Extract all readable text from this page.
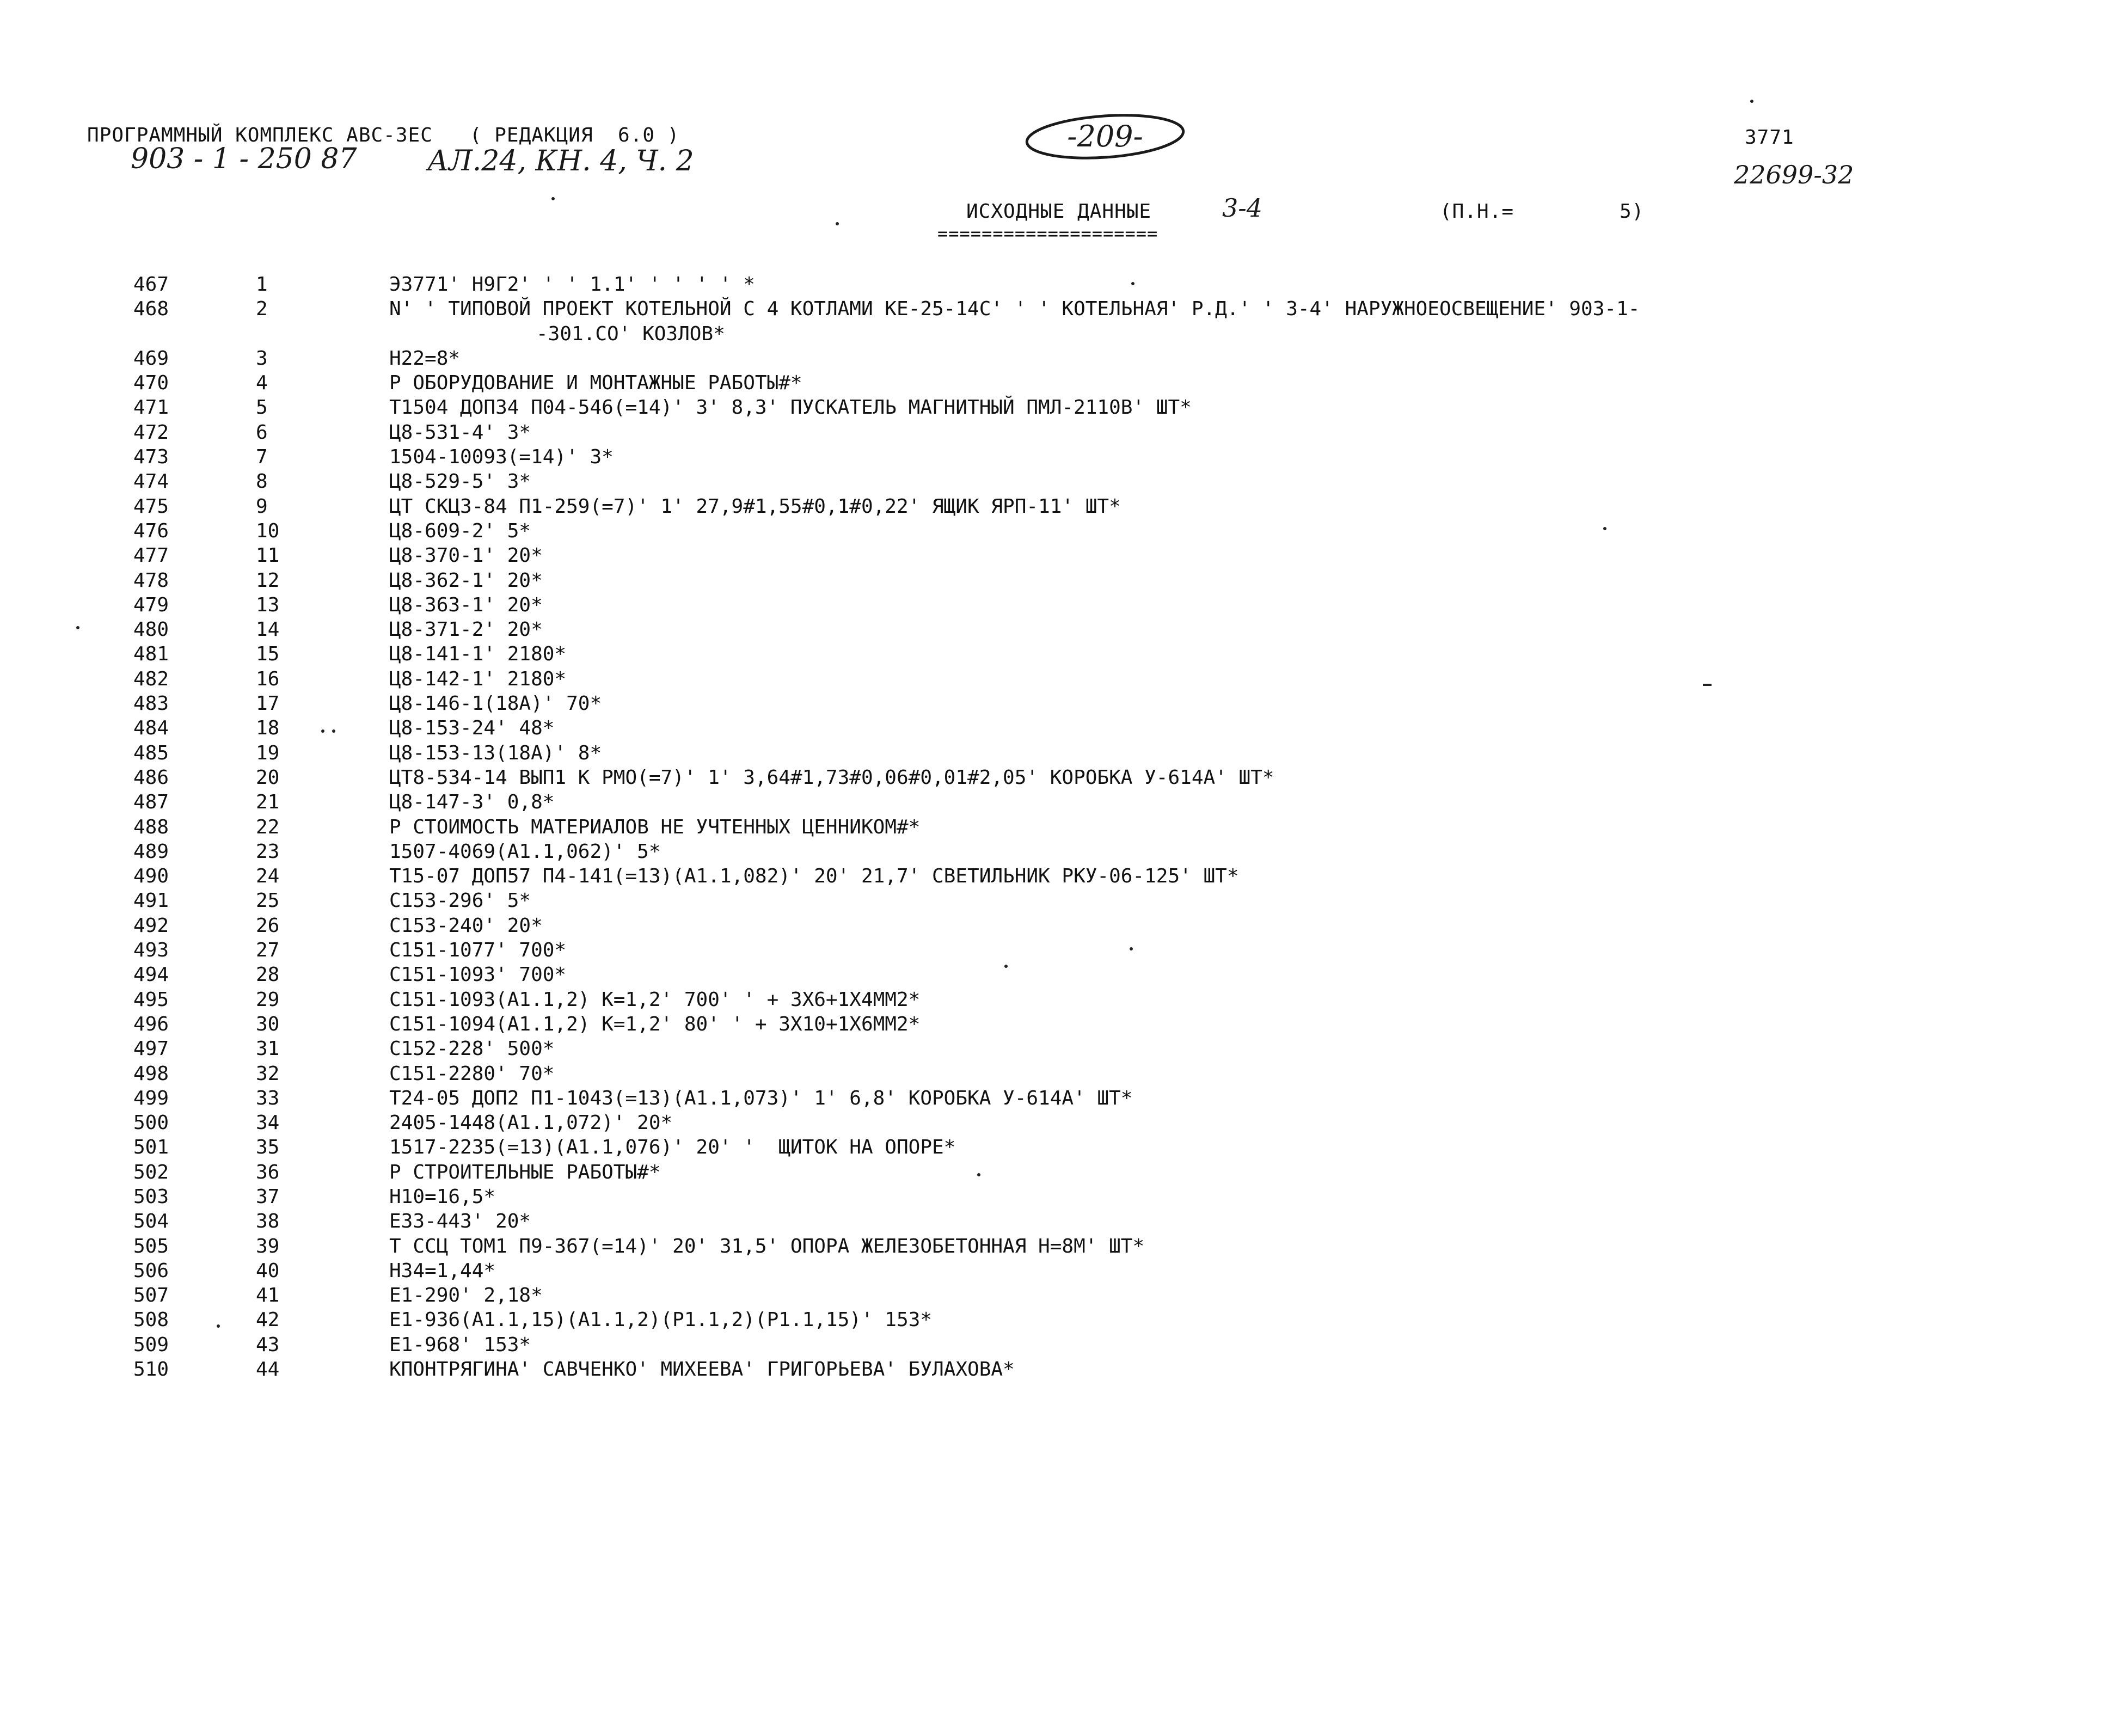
ПРОГРАММНЫЙ КОМПЛЕКС АВС-3ЕС   ( РЕДАКЦИЯ  6.0 )
903 - 1 - 250 87 АЛ.24, КН. 4, Ч. 2
-209-	3771
22699-32
ИСХОДНЫЕ ДАННЫЕ	3-4	(П.Н.=	5)
====================
467	1	Э3771' Н9Г2' ' ' 1.1' ' ' ' ' *
468	2	N' ' ТИПОВОЙ ПРОЕКТ КОТЕЛЬНОЙ С 4 КОТЛАМИ КЕ-25-14С' ' ' КОТЕЛЬНАЯ' Р.Д.' ' 3-4' НАРУЖНОЕОСВЕЩЕНИЕ' 903-1-
-301.СО' КОЗЛОВ*
469	3	Н22=8*
470	4	Р ОБОРУДОВАНИЕ И МОНТАЖНЫЕ РАБОТЫ#*
471	5	Т1504 ДОП34 П04-546(=14)' 3' 8,3' ПУСКАТЕЛЬ МАГНИТНЫЙ ПМЛ-2110В' ШТ*
472	6	Ц8-531-4' 3*
473	7	1504-10093(=14)' 3*
474	8	Ц8-529-5' 3*
475	9	ЦТ СКЦЗ-84 П1-259(=7)' 1' 27,9#1,55#0,1#0,22' ЯЩИК ЯРП-11' ШТ*
476	10	Ц8-609-2' 5*
477	11	Ц8-370-1' 20*
478	12	Ц8-362-1' 20*
479	13	Ц8-363-1' 20*
480	14	Ц8-371-2' 20*
481	15	Ц8-141-1' 2180*
482	16	Ц8-142-1' 2180*
483	17	Ц8-146-1(18А)' 70*
484	18	Ц8-153-24' 48*
485	19	Ц8-153-13(18А)' 8*
486	20	ЦТ8-534-14 ВЫП1 К РМО(=7)' 1' 3,64#1,73#0,06#0,01#2,05' КОРОБКА У-614А' ШТ*
487	21	Ц8-147-3' 0,8*
488	22	Р СТОИМОСТЬ МАТЕРИАЛОВ НЕ УЧТЕННЫХ ЦЕННИКОМ#*
489	23	1507-4069(А1.1,062)' 5*
490	24	Т15-07 ДОП57 П4-141(=13)(А1.1,082)' 20' 21,7' СВЕТИЛЬНИК РКУ-06-125' ШТ*
491	25	С153-296' 5*
492	26	С153-240' 20*
493	27	С151-1077' 700*
494	28	С151-1093' 700*
495	29	С151-1093(А1.1,2) К=1,2' 700' ' + 3Х6+1Х4ММ2*
496	30	С151-1094(А1.1,2) К=1,2' 80' ' + 3Х10+1Х6ММ2*
497	31	С152-228' 500*
498	32	С151-2280' 70*
499	33	Т24-05 ДОП2 П1-1043(=13)(А1.1,073)' 1' 6,8' КОРОБКА У-614А' ШТ*
500	34	2405-1448(А1.1,072)' 20*
501	35	1517-2235(=13)(А1.1,076)' 20' '  ЩИТОК НА ОПОРЕ*
502	36	Р СТРОИТЕЛЬНЫЕ РАБОТЫ#*
503	37	Н10=16,5*
504	38	Е33-443' 20*
505	39	Т ССЦ ТОМ1 П9-367(=14)' 20' 31,5' ОПОРА ЖЕЛЕЗОБЕТОННАЯ Н=8М' ШТ*
506	40	Н34=1,44*
507	41	Е1-290' 2,18*
508	42	Е1-936(А1.1,15)(А1.1,2)(Р1.1,2)(Р1.1,15)' 153*
509	43	Е1-968' 153*
510	44	КПОНТРЯГИНА' САВЧЕНКО' МИХЕЕВА' ГРИГОРЬЕВА' БУЛАХОВА*
